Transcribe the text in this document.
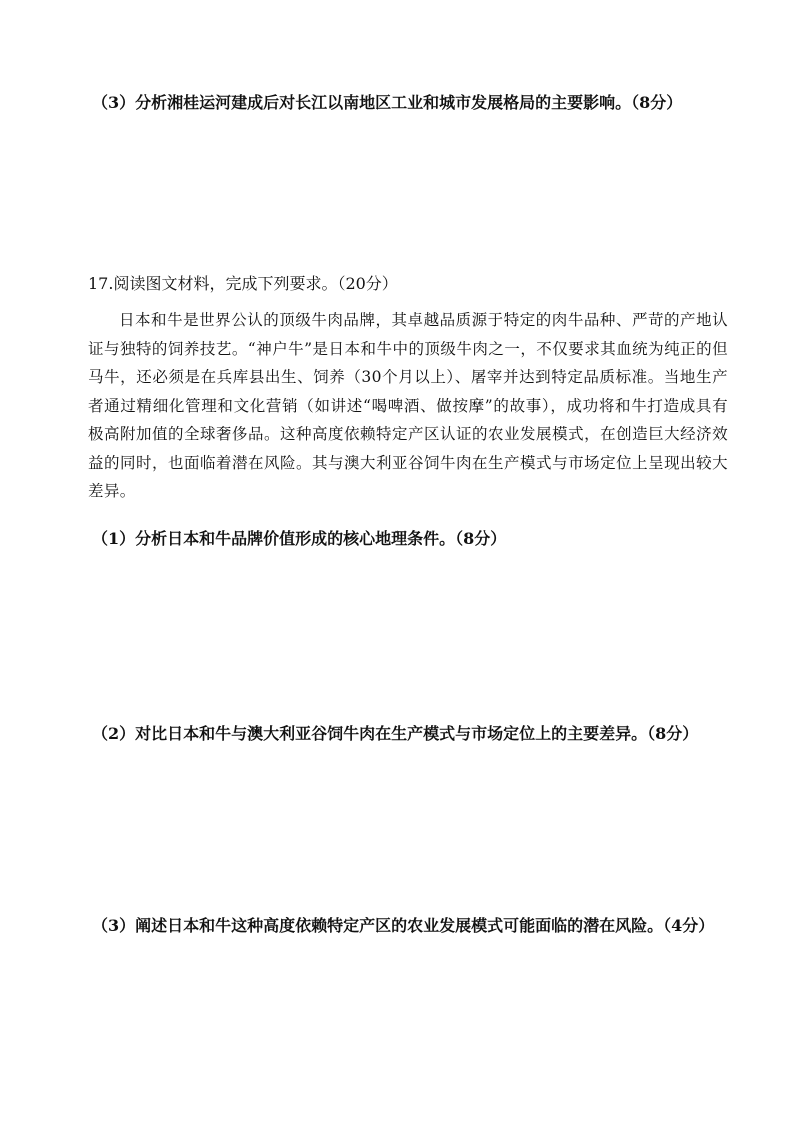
（3）分析湘桂运河建成后对长江以南地区工业和城市发展格局的主要影响。（8分）
17.阅读图文材料，完成下列要求。（20分）
日本和牛是世界公认的顶级牛肉品牌，其卓越品质源于特定的肉牛品种、严苛的产地认证与独特的饲养技艺。“神户牛”是日本和牛中的顶级牛肉之一，不仅要求其血统为纯正的但马牛，还必须是在兵库县出生、饲养（30个月以上）、屠宰并达到特定品质标准。当地生产者通过精细化管理和文化营销（如讲述“喝啤酒、做按摩”的故事），成功将和牛打造成具有极高附加值的全球奢侈品。这种高度依赖特定产区认证的农业发展模式，在创造巨大经济效益的同时，也面临着潜在风险。其与澳大利亚谷饲牛肉在生产模式与市场定位上呈现出较大差异。
（1）分析日本和牛品牌价值形成的核心地理条件。（8分）
（2）对比日本和牛与澳大利亚谷饲牛肉在生产模式与市场定位上的主要差异。（8分）
（3）阐述日本和牛这种高度依赖特定产区的农业发展模式可能面临的潜在风险。（4分）
